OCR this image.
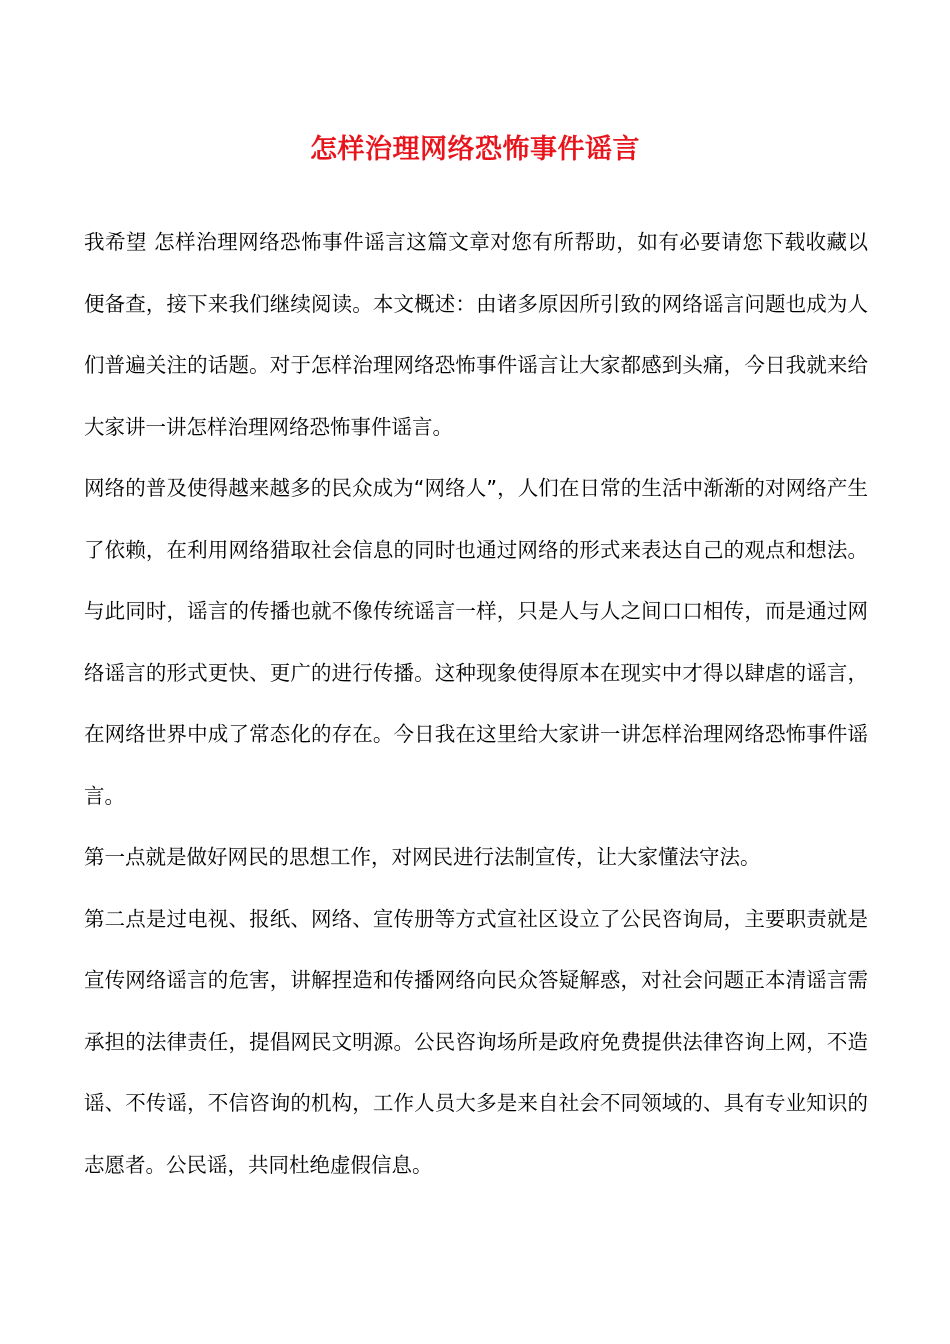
怎样治理网络恐怖事件谣言

我希望 怎样治理网络恐怖事件谣言这篇文章对您有所帮助，如有必要请您下载收藏以便备查，接下来我们继续阅读。本文概述：由诸多原因所引致的网络谣言问题也成为人们普遍关注的话题。对于怎样治理网络恐怖事件谣言让大家都感到头痛，今日我就来给大家讲一讲怎样治理网络恐怖事件谣言。

网络的普及使得越来越多的民众成为“网络人”，人们在日常的生活中渐渐的对网络产生了依赖，在利用网络猎取社会信息的同时也通过网络的形式来表达自己的观点和想法。与此同时，谣言的传播也就不像传统谣言一样，只是人与人之间口口相传，而是通过网络谣言的形式更快、更广的进行传播。这种现象使得原本在现实中才得以肆虐的谣言，在网络世界中成了常态化的存在。今日我在这里给大家讲一讲怎样治理网络恐怖事件谣言。

第一点就是做好网民的思想工作，对网民进行法制宣传，让大家懂法守法。

第二点是过电视、报纸、网络、宣传册等方式宣社区设立了公民咨询局，主要职责就是宣传网络谣言的危害，讲解捏造和传播网络向民众答疑解惑，对社会问题正本清谣言需承担的法律责任，提倡网民文明源。公民咨询场所是政府免费提供法律咨询上网，不造谣、不传谣，不信咨询的机构，工作人员大多是来自社会不同领域的、具有专业知识的志愿者。公民谣，共同杜绝虚假信息。
